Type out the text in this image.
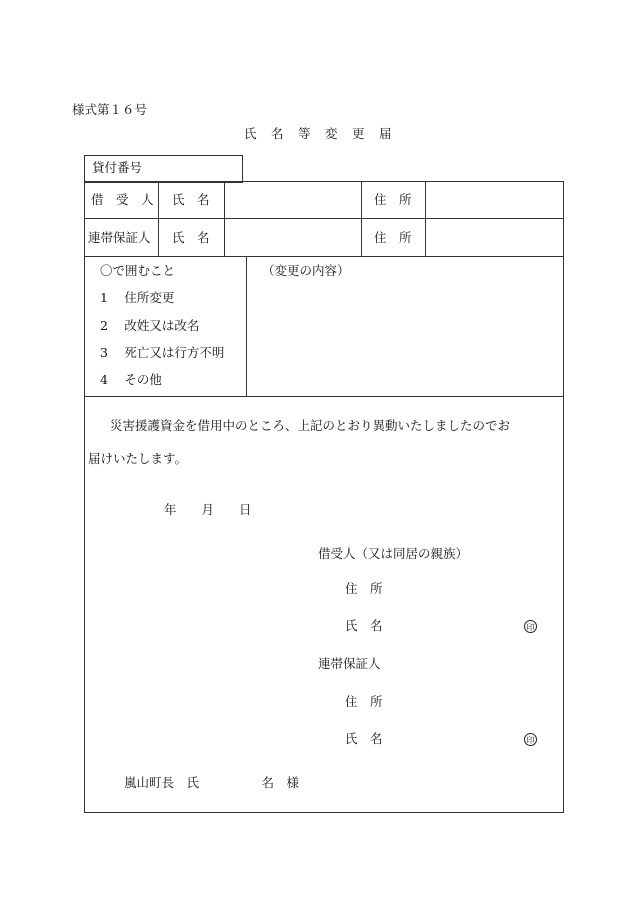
様式第１６号
氏　名　等　変　更　届
貸付番号
借　受　人 氏　名	住　所
連帯保証人 氏　名	住　所
〇で囲むこと
1　 住所変更
2　 改姓又は改名
3　 死亡又は行方不明
4　 その他
（変更の内容）
災害援護資金を借用中のところ、上記のとおり異動いたしましたのでお
届けいたします。
年　　月　　日
借受人（又は同居の親族）
住　所
氏　名	印
連帯保証人
住　所
氏　名	印
嵐山町長　氏　　　　　名　様
